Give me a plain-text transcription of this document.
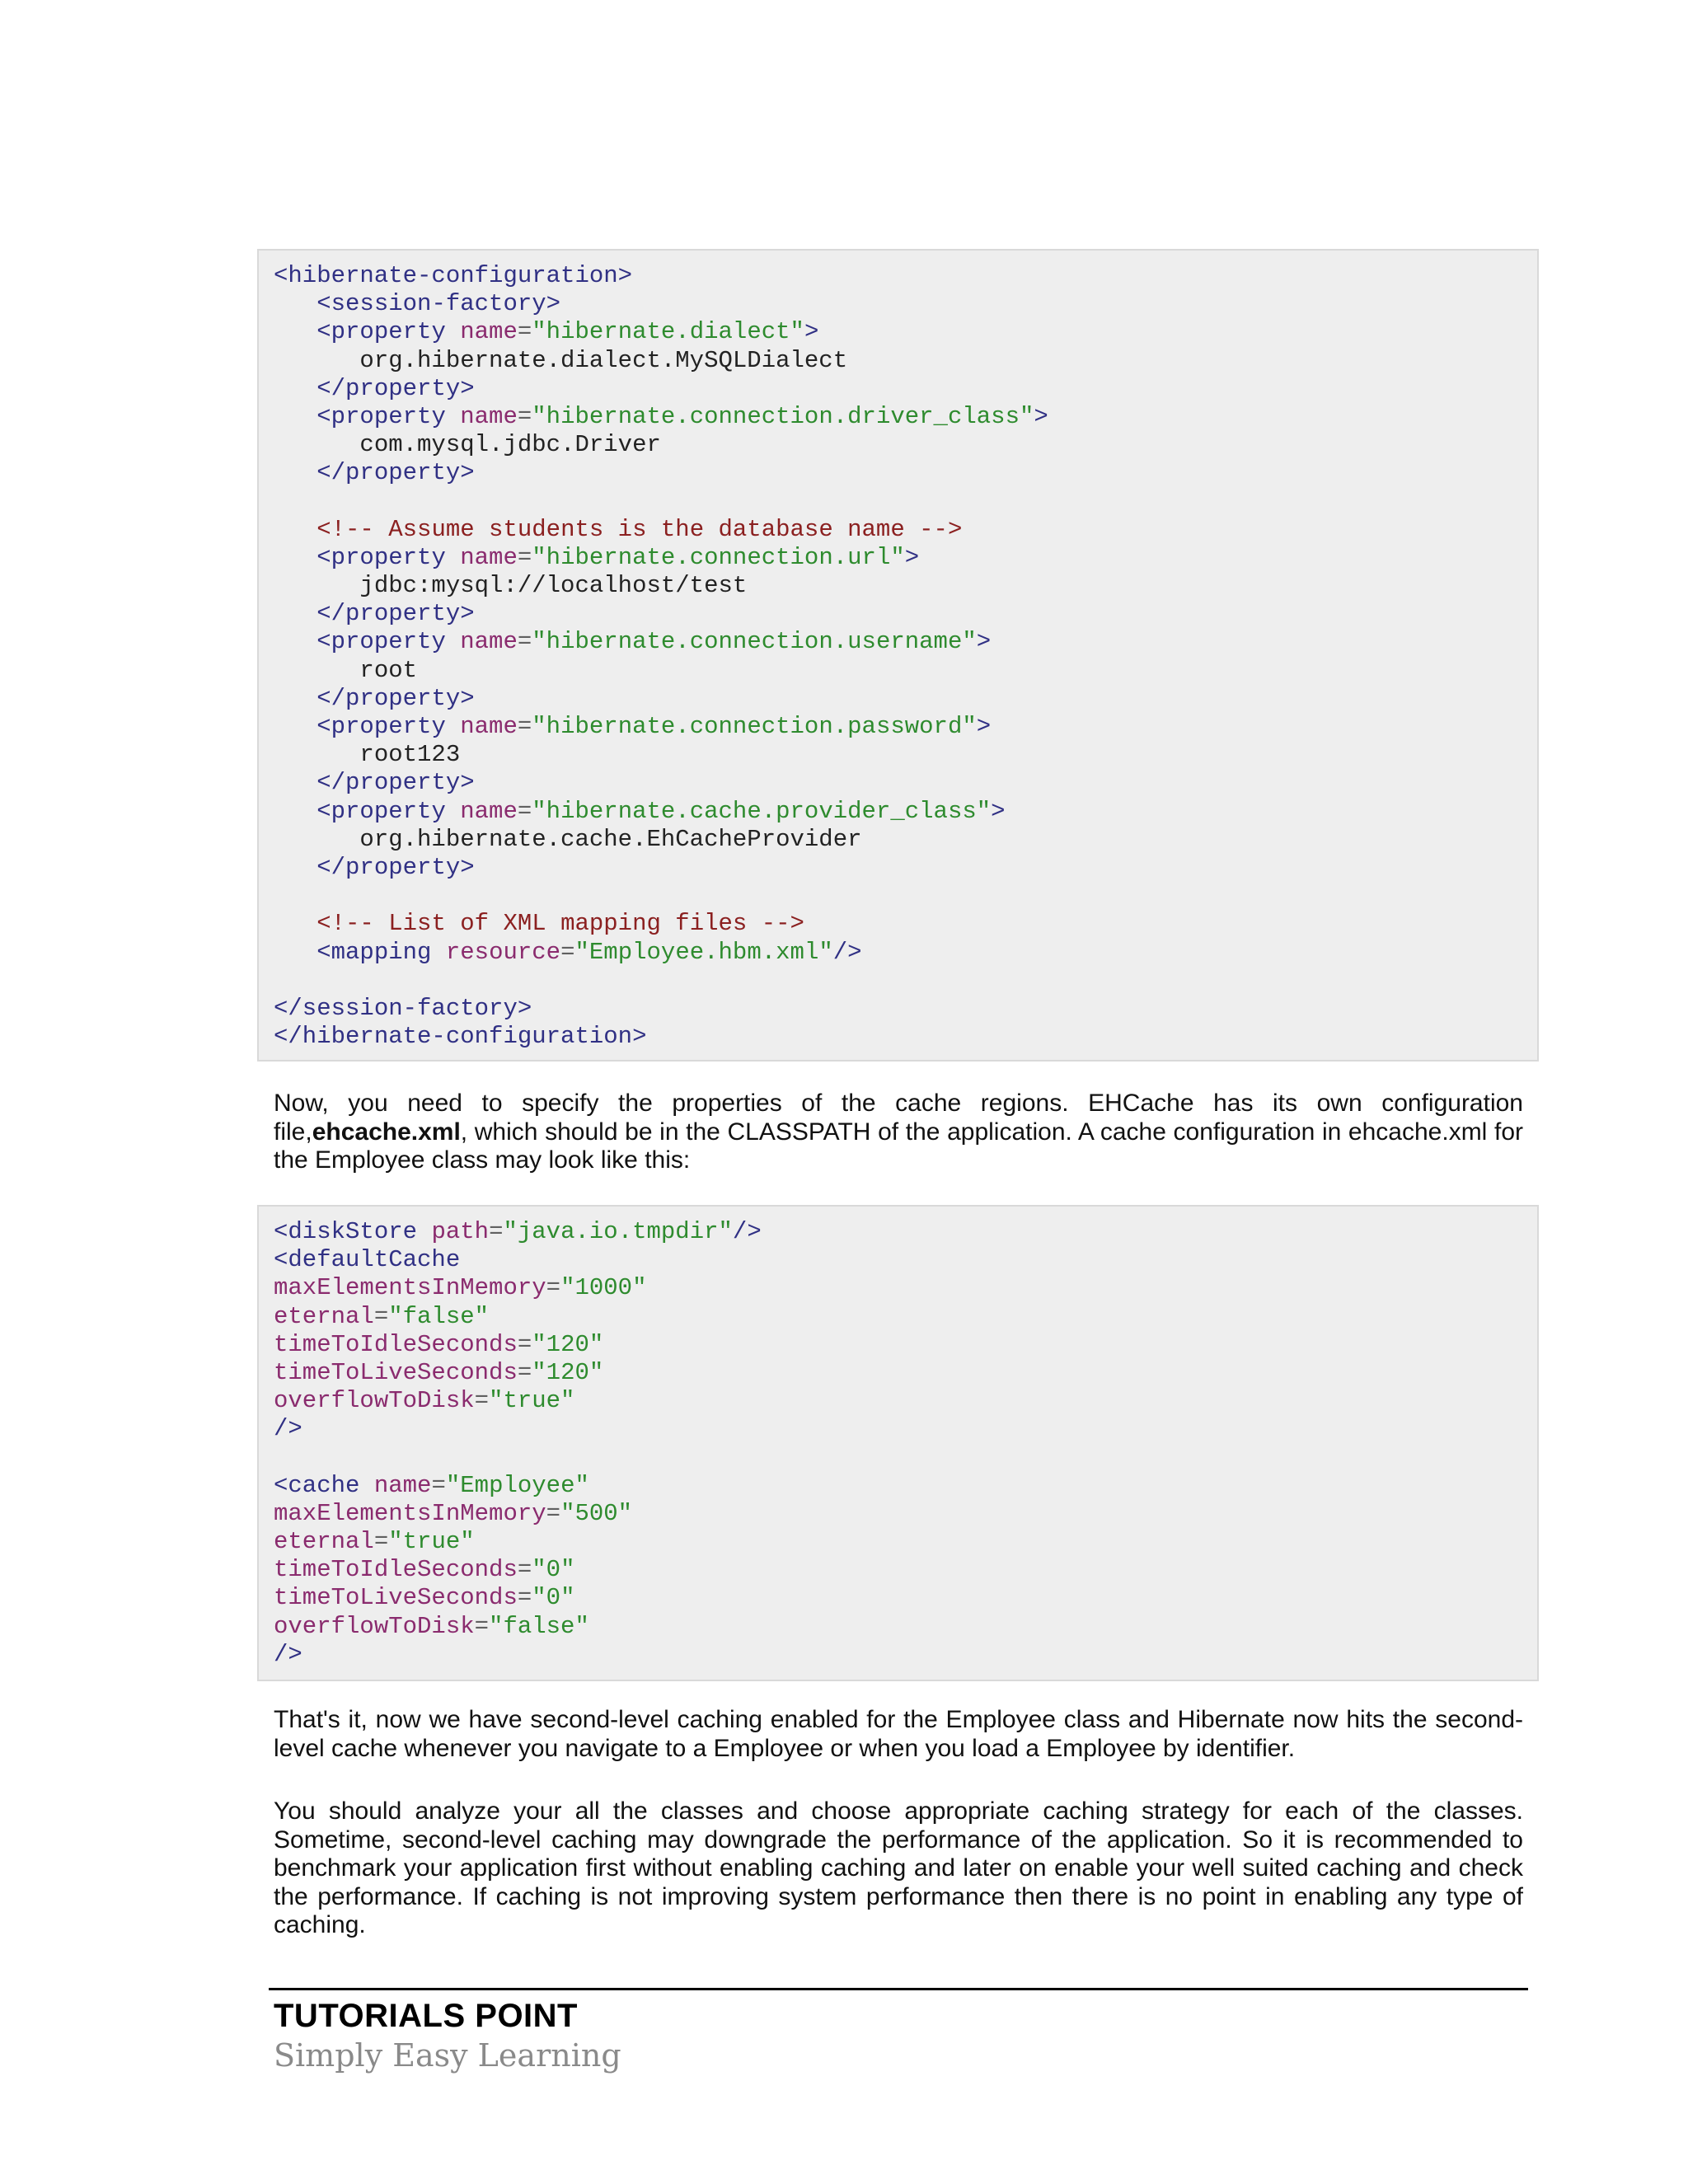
<hibernate-configuration>
<session-factory>
<property name="hibernate.dialect">
org.hibernate.dialect.MySQLDialect
</property>
<property name="hibernate.connection.driver_class">
com.mysql.jdbc.Driver
</property>

<!-- Assume students is the database name -->
<property name="hibernate.connection.url">
jdbc:mysql://localhost/test
</property>
<property name="hibernate.connection.username">
root
</property>
<property name="hibernate.connection.password">
root123
</property>
<property name="hibernate.cache.provider_class">
org.hibernate.cache.EhCacheProvider
</property>

<!-- List of XML mapping files -->
<mapping resource="Employee.hbm.xml"/>

</session-factory>
</hibernate-configuration>

Now, you need to specify the properties of the cache regions. EHCache has its own configuration file,ehcache.xml, which should be in the CLASSPATH of the application. A cache configuration in ehcache.xml for the Employee class may look like this:

<diskStore path="java.io.tmpdir"/>
<defaultCache
maxElementsInMemory="1000"
eternal="false"
timeToIdleSeconds="120"
timeToLiveSeconds="120"
overflowToDisk="true"
/>

<cache name="Employee"
maxElementsInMemory="500"
eternal="true"
timeToIdleSeconds="0"
timeToLiveSeconds="0"
overflowToDisk="false"
/>

That's it, now we have second-level caching enabled for the Employee class and Hibernate now hits the second-level cache whenever you navigate to a Employee or when you load a Employee by identifier.

You should analyze your all the classes and choose appropriate caching strategy for each of the classes. Sometime, second-level caching may downgrade the performance of the application. So it is recommended to benchmark your application first without enabling caching and later on enable your well suited caching and check the performance. If caching is not improving system performance then there is no point in enabling any type of caching.

TUTORIALS POINT
Simply Easy Learning
